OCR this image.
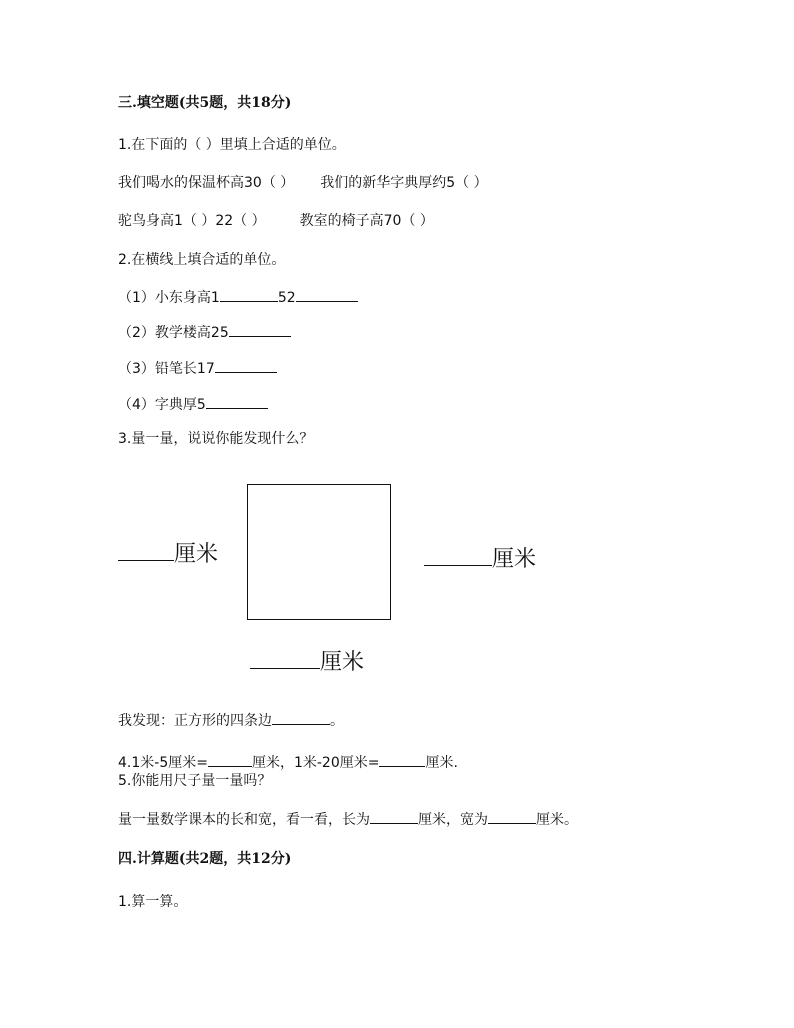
三.填空题(共5题，共18分)
1.在下面的（ ）里填上合适的单位。
我们喝水的保温杯高30（ ） 我们的新华字典厚约5（ ）
驼鸟身高1（ ）22（ ） 教室的椅子高70（ ）
2.在横线上填合适的单位。
（1）小东身高1	52
（2）教学楼高25
（3）铅笔长17
（4）字典厚5
3.量一量，说说你能发现什么？
厘米	厘米
厘米
我发现：正方形的四条边	。
4.1米-5厘米=	厘米，1米-20厘米=	厘米.
5.你能用尺子量一量吗？
量一量数学课本的长和宽，看一看，长为	厘米，宽为	厘米。
四.计算题(共2题，共12分)
1.算一算。
